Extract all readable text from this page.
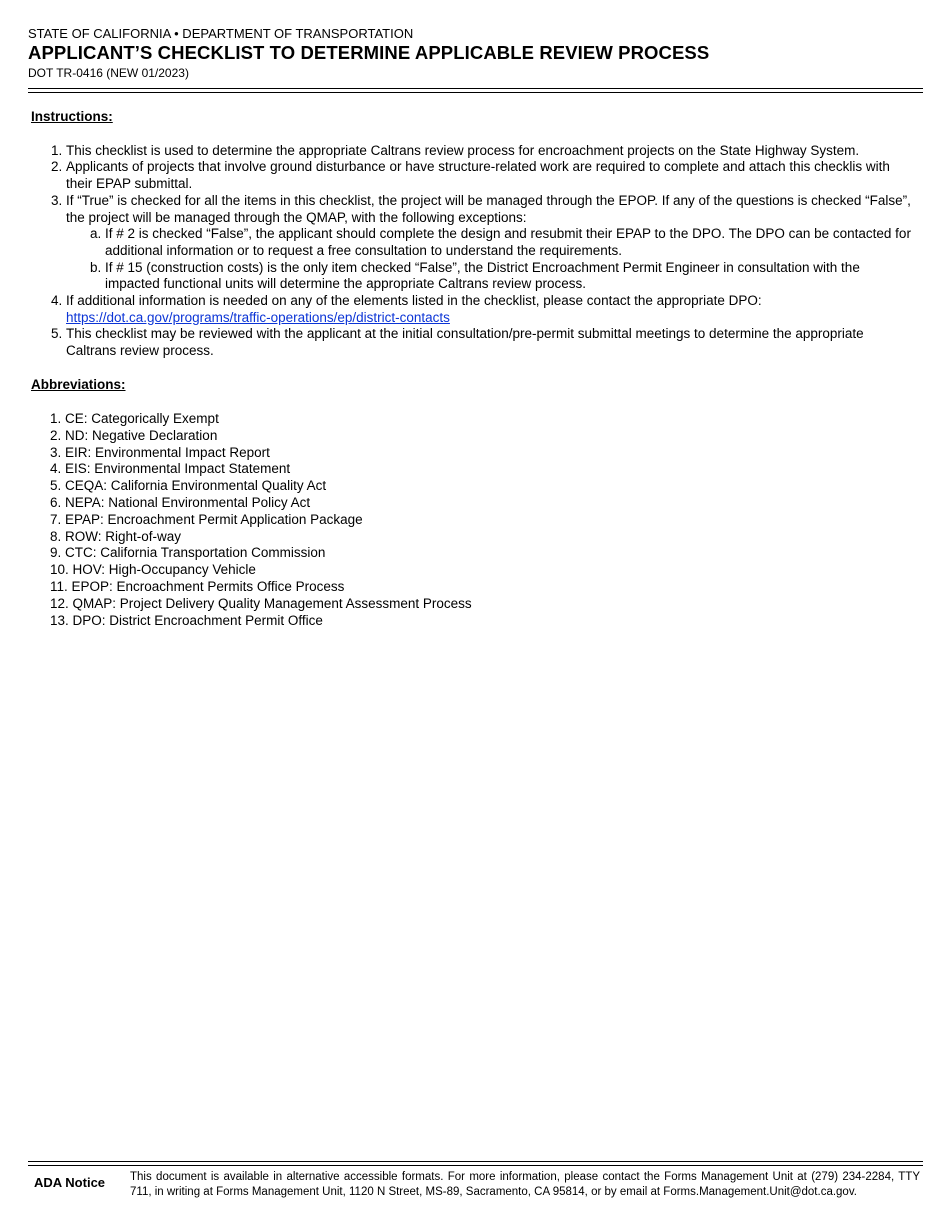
STATE OF CALIFORNIA • DEPARTMENT OF TRANSPORTATION
APPLICANT’S CHECKLIST TO DETERMINE APPLICABLE REVIEW PROCESS
DOT TR-0416 (NEW 01/2023)
Instructions:
1. This checklist is used to determine the appropriate Caltrans review process for encroachment projects on the State Highway System.
2. Applicants of projects that involve ground disturbance or have structure-related work are required to complete and attach this checklis with their EPAP submittal.
3. If “True” is checked for all the items in this checklist, the project will be managed through the EPOP. If any of the questions is checked “False”, the project will be managed through the QMAP, with the following exceptions:
a. If # 2 is checked “False”, the applicant should complete the design and resubmit their EPAP to the DPO. The DPO can be contacted for additional information or to request a free consultation to understand the requirements.
b. If # 15 (construction costs) is the only item checked “False”, the District Encroachment Permit Engineer in consultation with the impacted functional units will determine the appropriate Caltrans review process.
4. If additional information is needed on any of the elements listed in the checklist, please contact the appropriate DPO:
https://dot.ca.gov/programs/traffic-operations/ep/district-contacts
5. This checklist may be reviewed with the applicant at the initial consultation/pre-permit submittal meetings to determine the appropriate Caltrans review process.
Abbreviations:
1. CE: Categorically Exempt
2. ND: Negative Declaration
3. EIR: Environmental Impact Report
4. EIS: Environmental Impact Statement
5. CEQA: California Environmental Quality Act
6. NEPA: National Environmental Policy Act
7. EPAP: Encroachment Permit Application Package
8. ROW: Right-of-way
9. CTC: California Transportation Commission
10. HOV: High-Occupancy Vehicle
11. EPOP: Encroachment Permits Office Process
12. QMAP: Project Delivery Quality Management Assessment Process
13. DPO: District Encroachment Permit Office
ADA Notice	This document is available in alternative accessible formats. For more information, please contact the Forms Management Unit at (279) 234-2284, TTY 711, in writing at Forms Management Unit, 1120 N Street, MS-89, Sacramento, CA 95814, or by email at Forms.Management.Unit@dot.ca.gov.
